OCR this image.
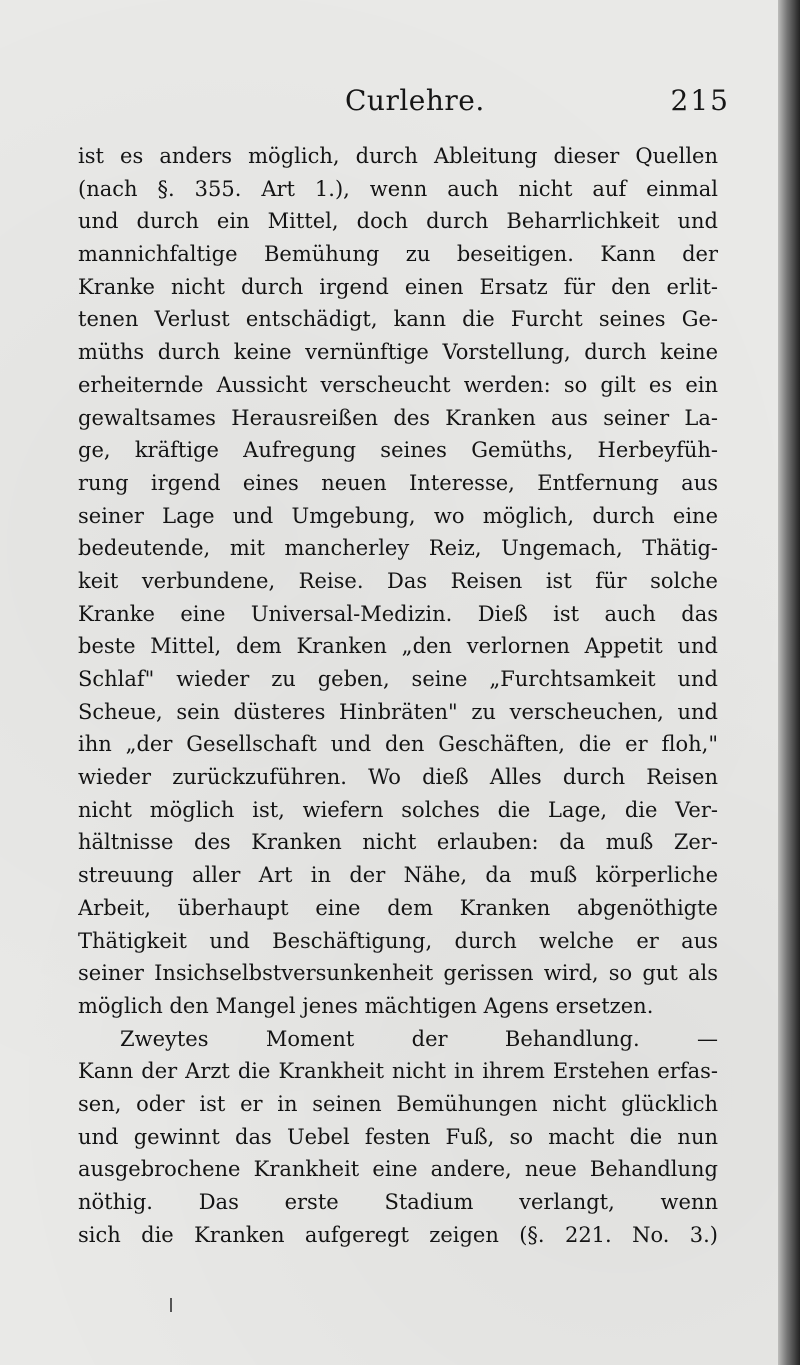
Curlehre.	215
ist es anders möglich, durch Ableitung dieser Quellen
(nach §. 355. Art 1.), wenn auch nicht auf einmal
und durch ein Mittel, doch durch Beharrlichkeit und
mannichfaltige Bemühung zu beseitigen. Kann der
Kranke nicht durch irgend einen Ersatz für den erlit-
tenen Verlust entschädigt, kann die Furcht seines Ge-
müths durch keine vernünftige Vorstellung, durch keine
erheiternde Aussicht verscheucht werden: so gilt es ein
gewaltsames Herausreißen des Kranken aus seiner La-
ge, kräftige Aufregung seines Gemüths, Herbeyfüh-
rung irgend eines neuen Interesse, Entfernung aus
seiner Lage und Umgebung, wo möglich, durch eine
bedeutende, mit mancherley Reiz, Ungemach, Thätig-
keit verbundene, Reise. Das Reisen ist für solche
Kranke eine Universal-Medizin. Dieß ist auch das
beste Mittel, dem Kranken „den verlornen Appetit und
Schlaf" wieder zu geben, seine „Furchtsamkeit und
Scheue, sein düsteres Hinbräten" zu verscheuchen, und
ihn „der Gesellschaft und den Geschäften, die er floh,"
wieder zurückzuführen. Wo dieß Alles durch Reisen
nicht möglich ist, wiefern solches die Lage, die Ver-
hältnisse des Kranken nicht erlauben: da muß Zer-
streuung aller Art in der Nähe, da muß körperliche
Arbeit, überhaupt eine dem Kranken abgenöthigte
Thätigkeit und Beschäftigung, durch welche er aus
seiner Insichselbstversunkenheit gerissen wird, so gut als
möglich den Mangel jenes mächtigen Agens ersetzen.
Zweytes Moment der Behandlung. —
Kann der Arzt die Krankheit nicht in ihrem Erstehen erfas-
sen, oder ist er in seinen Bemühungen nicht glücklich
und gewinnt das Uebel festen Fuß, so macht die nun
ausgebrochene Krankheit eine andere, neue Behandlung
nöthig. Das erste Stadium verlangt, wenn
sich die Kranken aufgeregt zeigen (§. 221. No. 3.)
